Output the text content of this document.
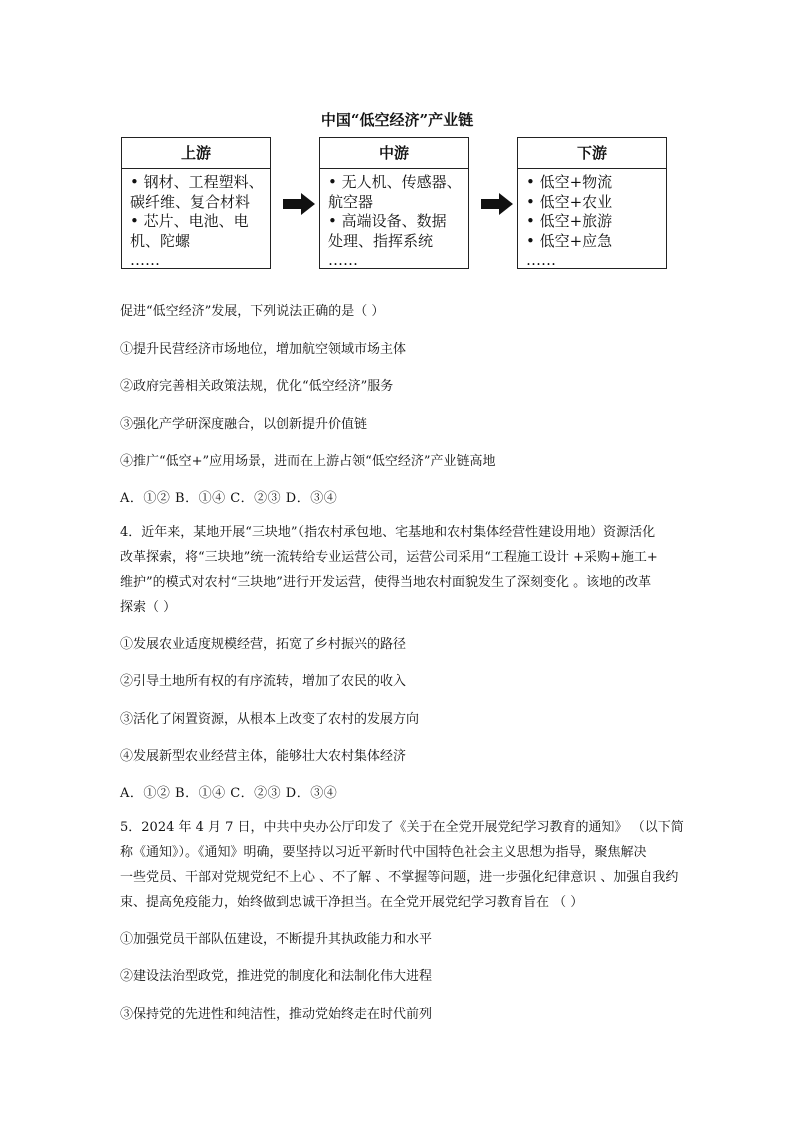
中国“低空经济”产业链
上游
• 钢材、工程塑料、
碳纤维、复合材料
• 芯片、电池、电
机、陀螺
……
中游
• 无人机、传感器、
航空器
• 高端设备、数据
处理、指挥系统
……
下游
• 低空+物流
• 低空+农业
• 低空+旅游
• 低空+应急
……
促进“低空经济”发展，下列说法正确的是（ ）
①提升民营经济市场地位，增加航空领域市场主体
②政府完善相关政策法规，优化“低空经济”服务
③强化产学研深度融合，以创新提升价值链
④推广“低空+”应用场景，进而在上游占领“低空经济”产业链高地
A．①② B．①④ C．②③ D．③④
4．近年来，某地开展“三块地”（指农村承包地、宅基地和农村集体经营性建设用地）资源活化
改革探索，将“三块地”统一流转给专业运营公司，运营公司采用“工程施工设计 +采购+施工+
维护”的模式对农村“三块地”进行开发运营，使得当地农村面貌发生了深刻变化 。该地的改革
探索（ ）
①发展农业适度规模经营，拓宽了乡村振兴的路径
②引导土地所有权的有序流转，增加了农民的收入
③活化了闲置资源，从根本上改变了农村的发展方向
④发展新型农业经营主体，能够壮大农村集体经济
A．①② B．①④ C．②③ D．③④
5．2024 年 4 月 7 日，中共中央办公厅印发了《关于在全党开展党纪学习教育的通知》 （以下简
称《通知》）。《通知》明确，要坚持以习近平新时代中国特色社会主义思想为指导，聚焦解决
一些党员、干部对党规党纪不上心 、不了解 、不掌握等问题，进一步强化纪律意识 、加强自我约
束、提高免疫能力，始终做到忠诚干净担当。在全党开展党纪学习教育旨在 （ ）
①加强党员干部队伍建设，不断提升其执政能力和水平
②建设法治型政党，推进党的制度化和法制化伟大进程
③保持党的先进性和纯洁性，推动党始终走在时代前列
